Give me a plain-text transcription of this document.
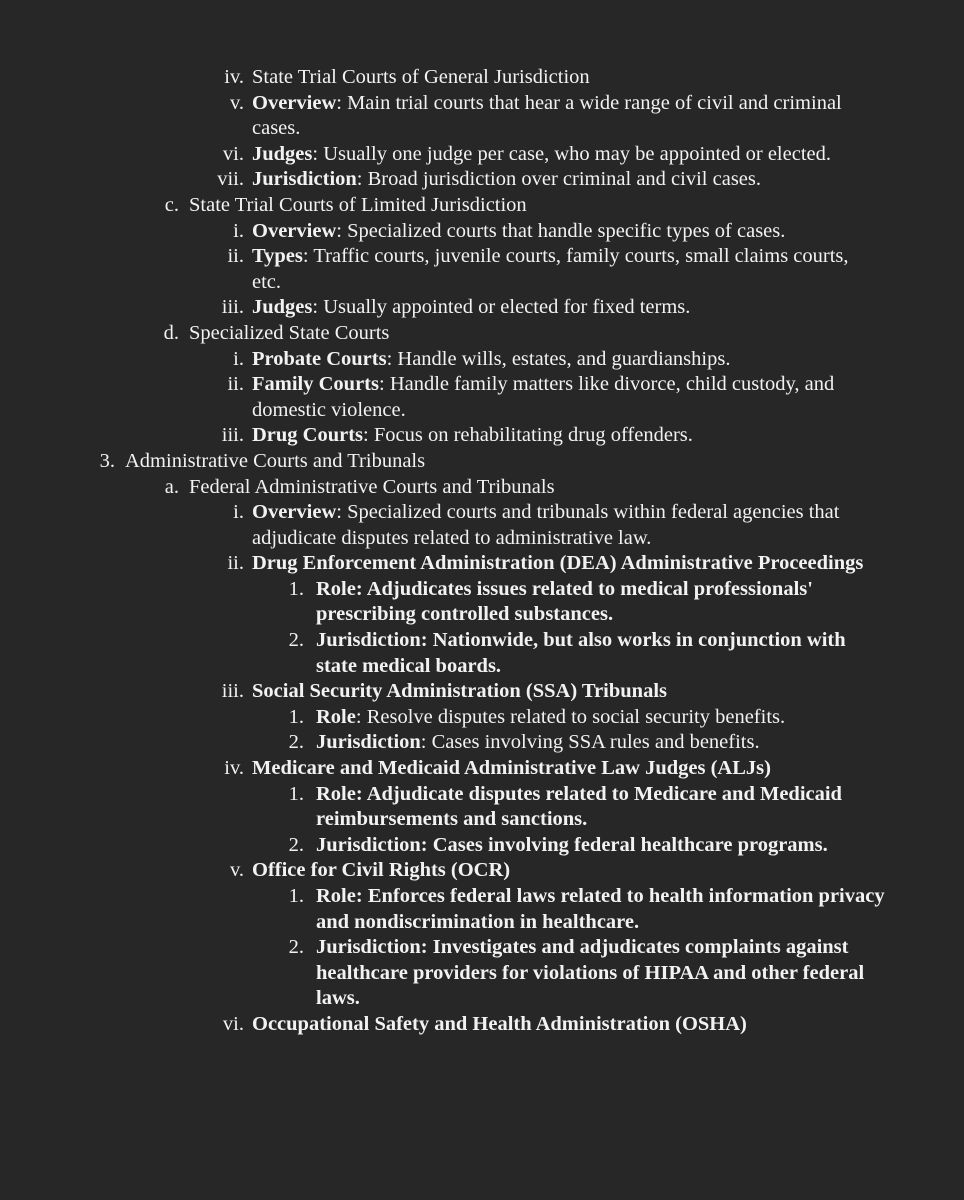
iv. State Trial Courts of General Jurisdiction
v. Overview: Main trial courts that hear a wide range of civil and criminal cases.
vi. Judges: Usually one judge per case, who may be appointed or elected.
vii. Jurisdiction: Broad jurisdiction over criminal and civil cases.
c. State Trial Courts of Limited Jurisdiction
i. Overview: Specialized courts that handle specific types of cases.
ii. Types: Traffic courts, juvenile courts, family courts, small claims courts, etc.
iii. Judges: Usually appointed or elected for fixed terms.
d. Specialized State Courts
i. Probate Courts: Handle wills, estates, and guardianships.
ii. Family Courts: Handle family matters like divorce, child custody, and domestic violence.
iii. Drug Courts: Focus on rehabilitating drug offenders.
3. Administrative Courts and Tribunals
a. Federal Administrative Courts and Tribunals
i. Overview: Specialized courts and tribunals within federal agencies that adjudicate disputes related to administrative law.
ii. Drug Enforcement Administration (DEA) Administrative Proceedings
1. Role: Adjudicates issues related to medical professionals' prescribing controlled substances.
2. Jurisdiction: Nationwide, but also works in conjunction with state medical boards.
iii. Social Security Administration (SSA) Tribunals
1. Role: Resolve disputes related to social security benefits.
2. Jurisdiction: Cases involving SSA rules and benefits.
iv. Medicare and Medicaid Administrative Law Judges (ALJs)
1. Role: Adjudicate disputes related to Medicare and Medicaid reimbursements and sanctions.
2. Jurisdiction: Cases involving federal healthcare programs.
v. Office for Civil Rights (OCR)
1. Role: Enforces federal laws related to health information privacy and nondiscrimination in healthcare.
2. Jurisdiction: Investigates and adjudicates complaints against healthcare providers for violations of HIPAA and other federal laws.
vi. Occupational Safety and Health Administration (OSHA)
